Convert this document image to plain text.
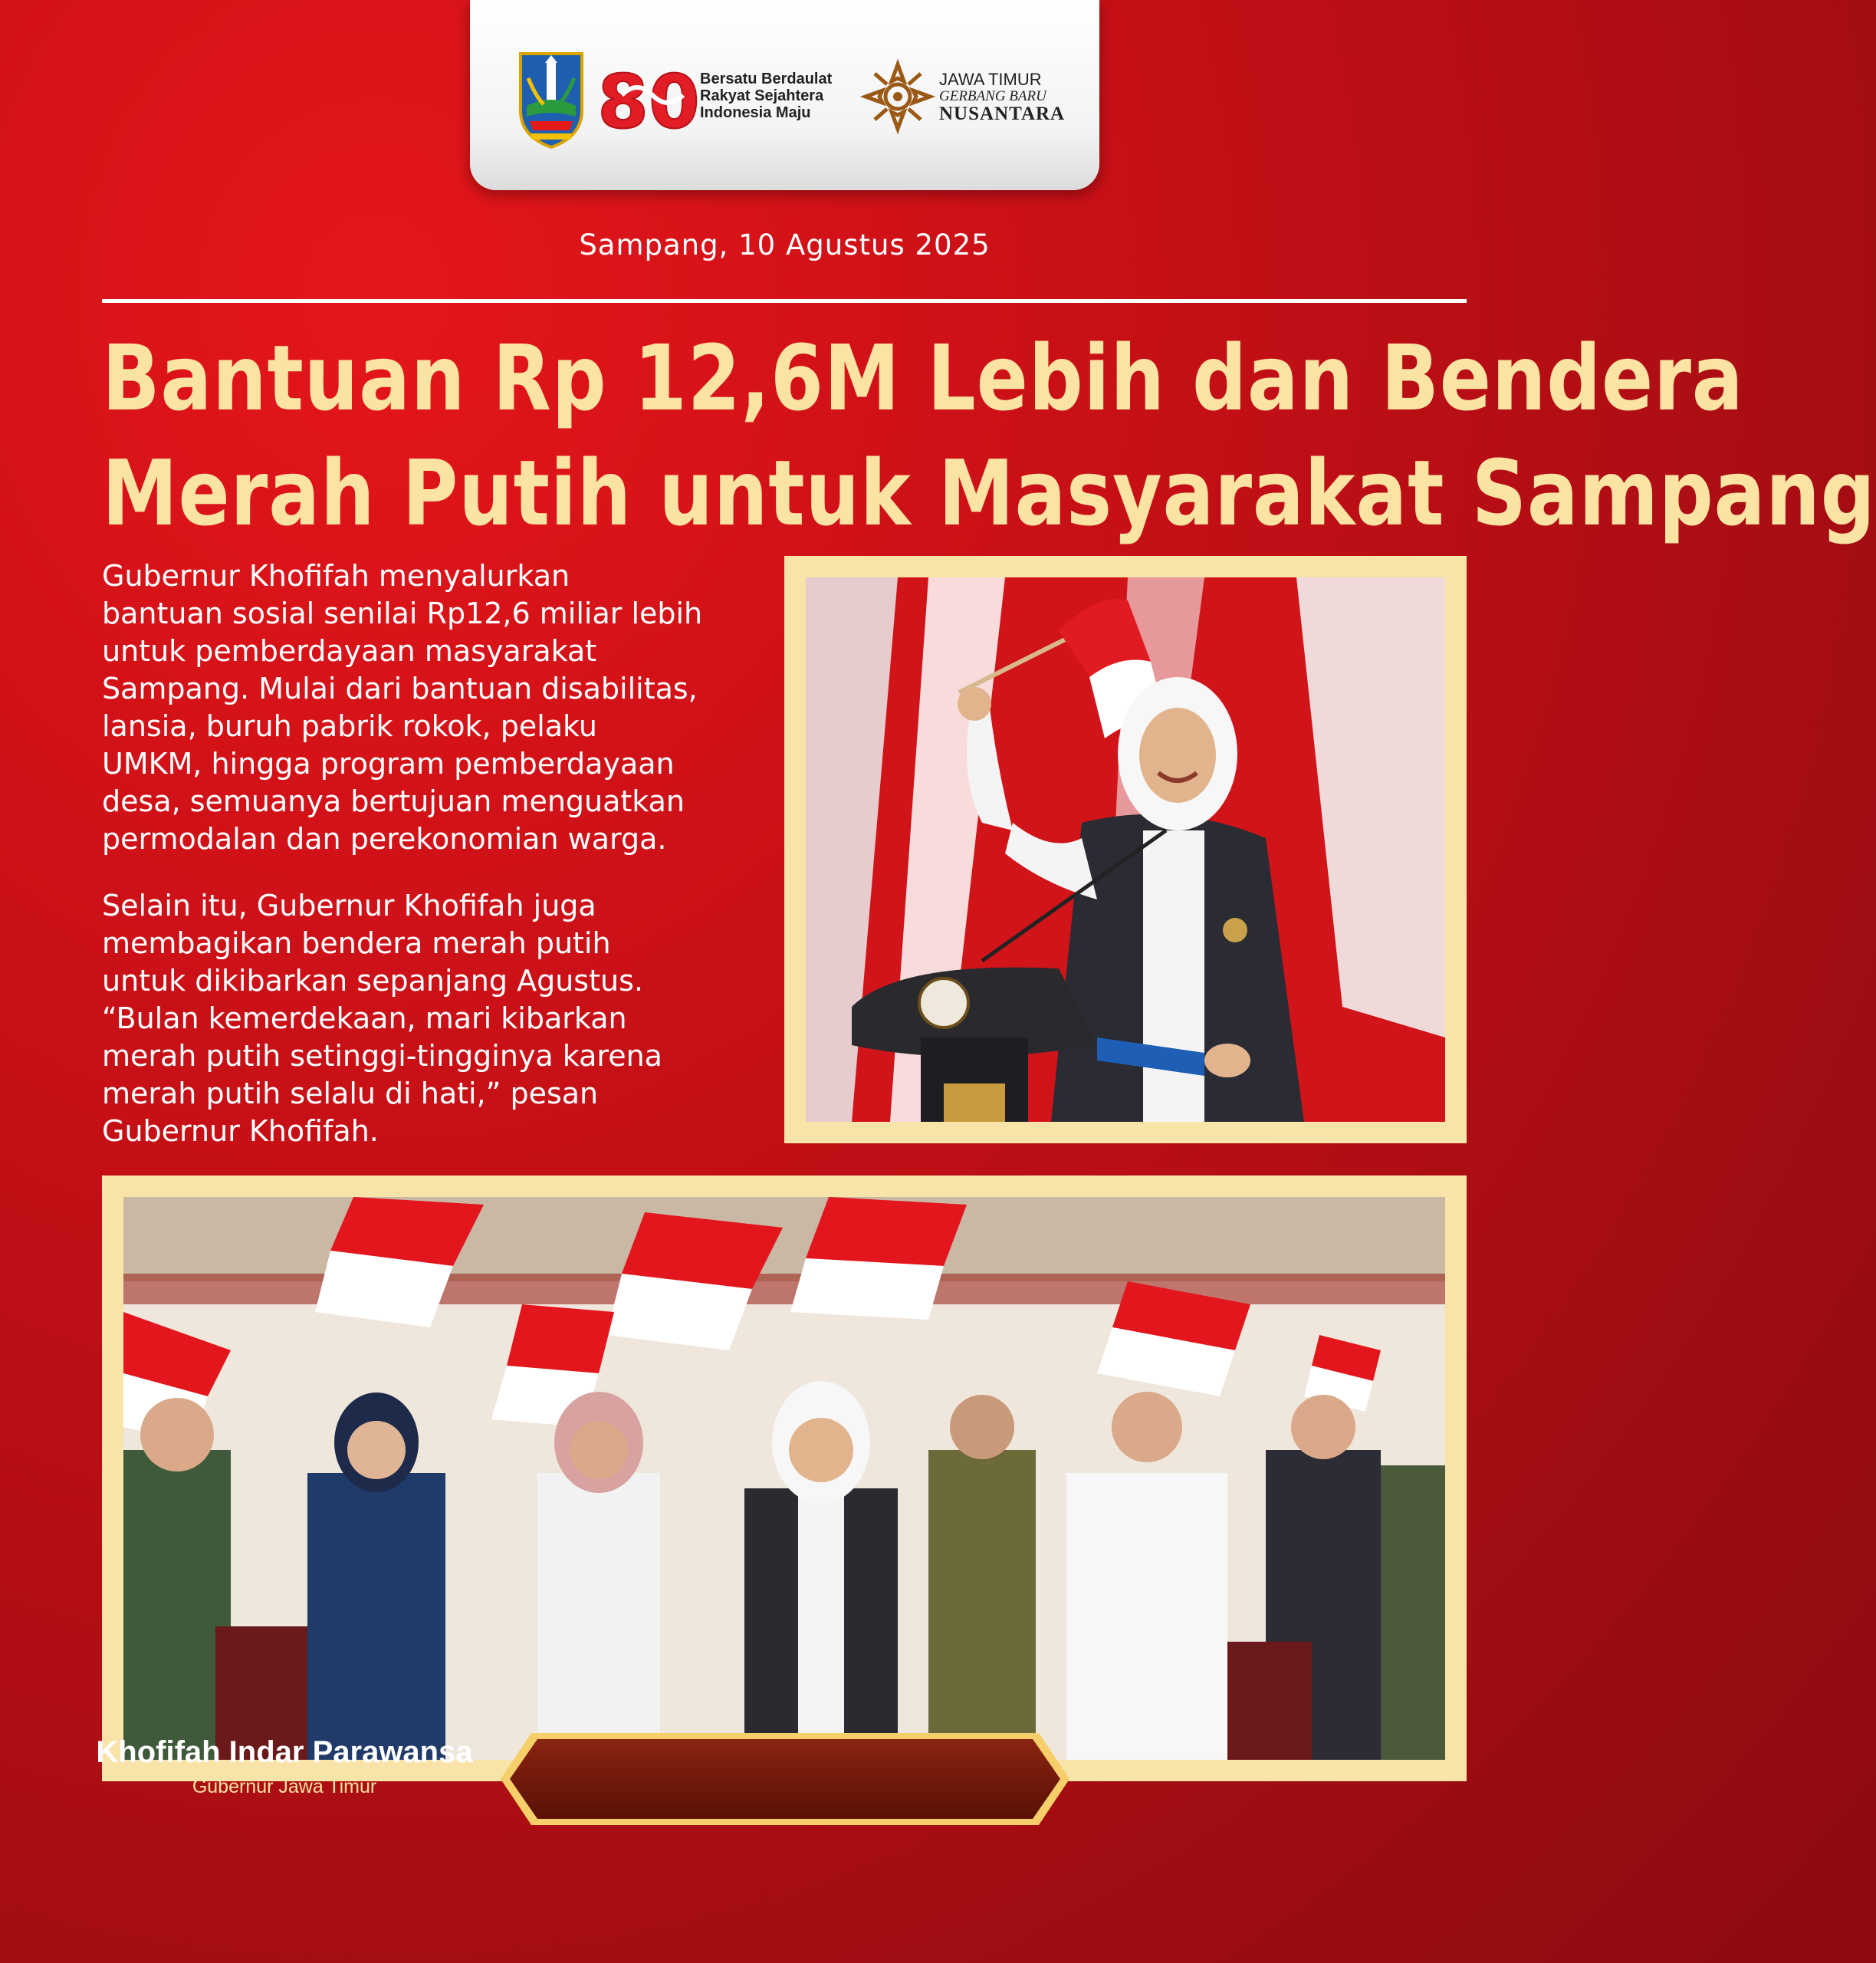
80 Bersatu Berdaulat
Rakyat Sejahtera
Indonesia Maju
JAWA TIMUR
GERBANG BARU
NUSANTARA
Sampang, 10 Agustus 2025
Bantuan Rp 12,6M Lebih dan Bendera
Merah Putih untuk Masyarakat Sampang

Gubernur Khofifah menyalurkan

bantuan sosial senilai Rp12,6 miliar lebih

untuk pemberdayaan masyarakat

Sampang. Mulai dari bantuan disabilitas,

lansia, buruh pabrik rokok, pelaku

UMKM, hingga program pemberdayaan

desa, semuanya bertujuan menguatkan

permodalan dan perekonomian warga.

Selain itu, Gubernur Khofifah juga

membagikan bendera merah putih

untuk dikibarkan sepanjang Agustus.

“Bulan kemerdekaan, mari kibarkan

merah putih setinggi-tingginya karena

merah putih selalu di hati,” pesan

Gubernur Khofifah.

Khofifah Indar Parawansa
Gubernur Jawa Timur
